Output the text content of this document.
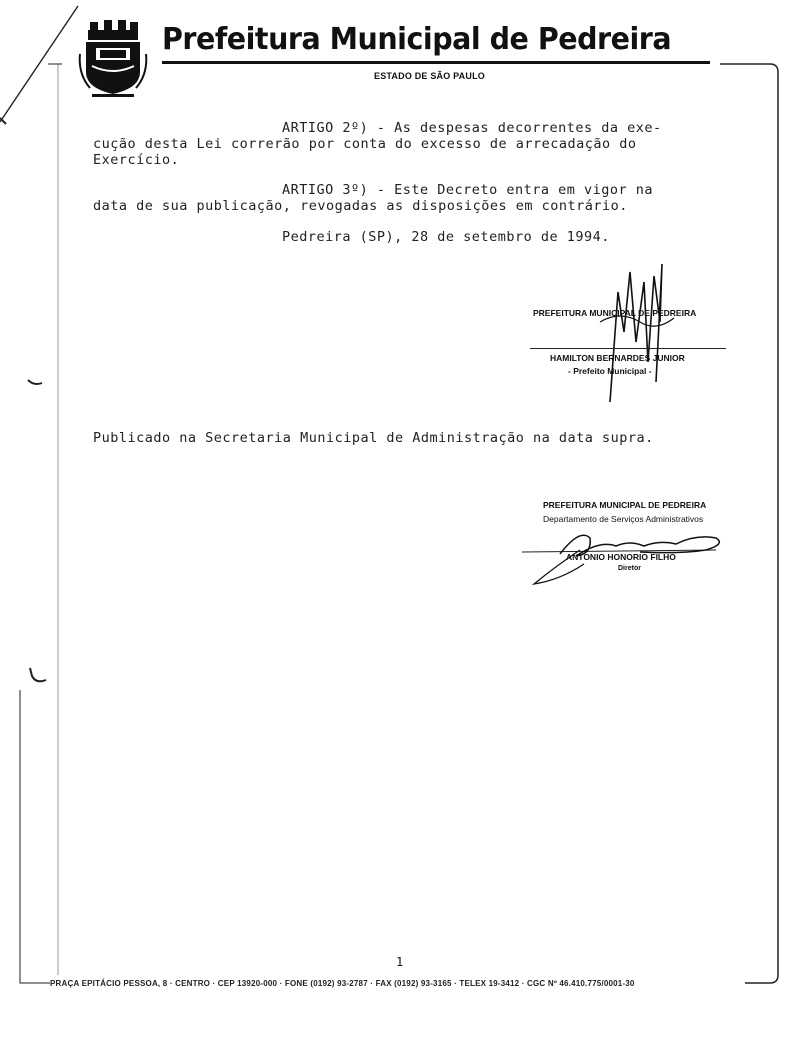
Prefeitura Municipal de Pedreira
ESTADO DE SÃO PAULO
ARTIGO 2º) - As despesas decorrentes da exe-
cução desta Lei correrão por conta do excesso de arrecadação do
Exercício.
ARTIGO 3º) - Este Decreto entra em vigor na
data de sua publicação, revogadas as disposições em contrário.
Pedreira (SP), 28 de setembro de 1994.
PREFEITURA MUNICIPAL DE PEDREIRA
HAMILTON BERNARDES JUNIOR
- Prefeito Municipal -
Publicado na Secretaria Municipal de Administração na data supra.
PREFEITURA MUNICIPAL DE PEDREIRA
Departamento de Serviços Administrativos
ANTONIO HONORIO FILHO
Diretor
1
PRAÇA EPITÁCIO PESSOA, 8 · CENTRO · CEP 13920-000 · FONE (0192) 93-2787 · FAX (0192) 93-3165 · TELEX 19-3412 · CGC Nº 46.410.775/0001-30
